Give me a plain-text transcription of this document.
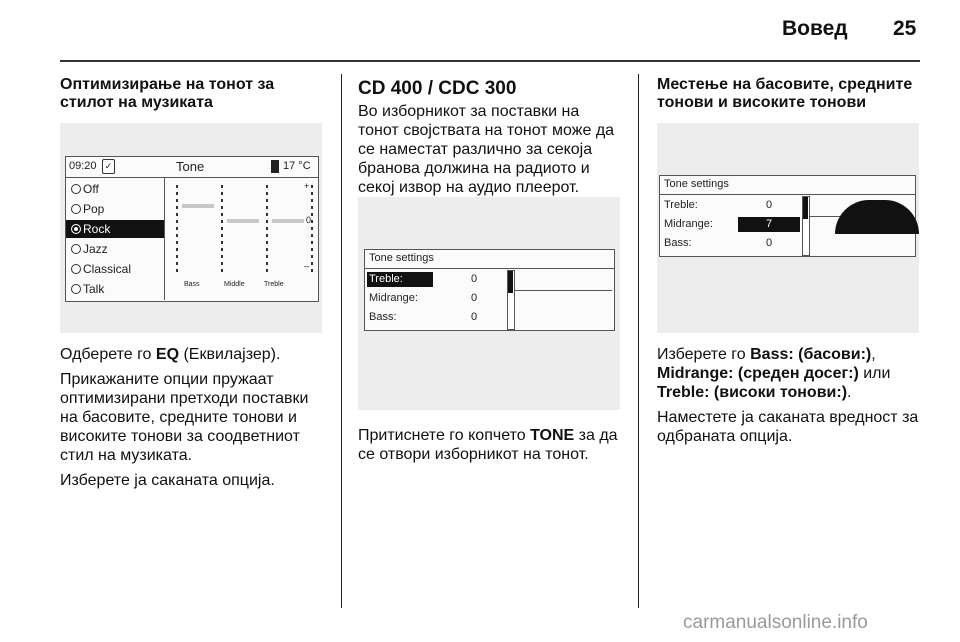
Вовед 25
Оптимизирање на тонот за стилот на музиката
09:20 ✓	Tone	17 °C
Off
Pop
Rock
Jazz
Classical
Talk
+
0
–
Bass	Middle	Treble

Одберете го EQ (Еквилајзер).

Прикажаните опции пружаат оптимизирани претходи поставки на басовите, средните тонови и високите тонови за соодветниот стил на музиката.

Изберете ја саканата опција.

CD 400 / CDC 300

Во изборникот за поставки на тонот својствата на тонот може да се наместат различно за секоја бранова должина на радиото и секој извор на аудио плеерот.

Tone settings
Treble:	0
Midrange:	0
Bass:	0

Притиснете го копчето TONE за да се отвори изборникот на тонот.

Местење на басовите, средните тонови и високите тонови
Tone settings
Treble:	0
Midrange:	7
Bass:	0

Изберете го Bass: (басови:),
Midrange: (среден досег:) или
Treble: (високи тонови:).

Наместете ја саканата вредност за одбраната опција.

carmanualsonline.info
